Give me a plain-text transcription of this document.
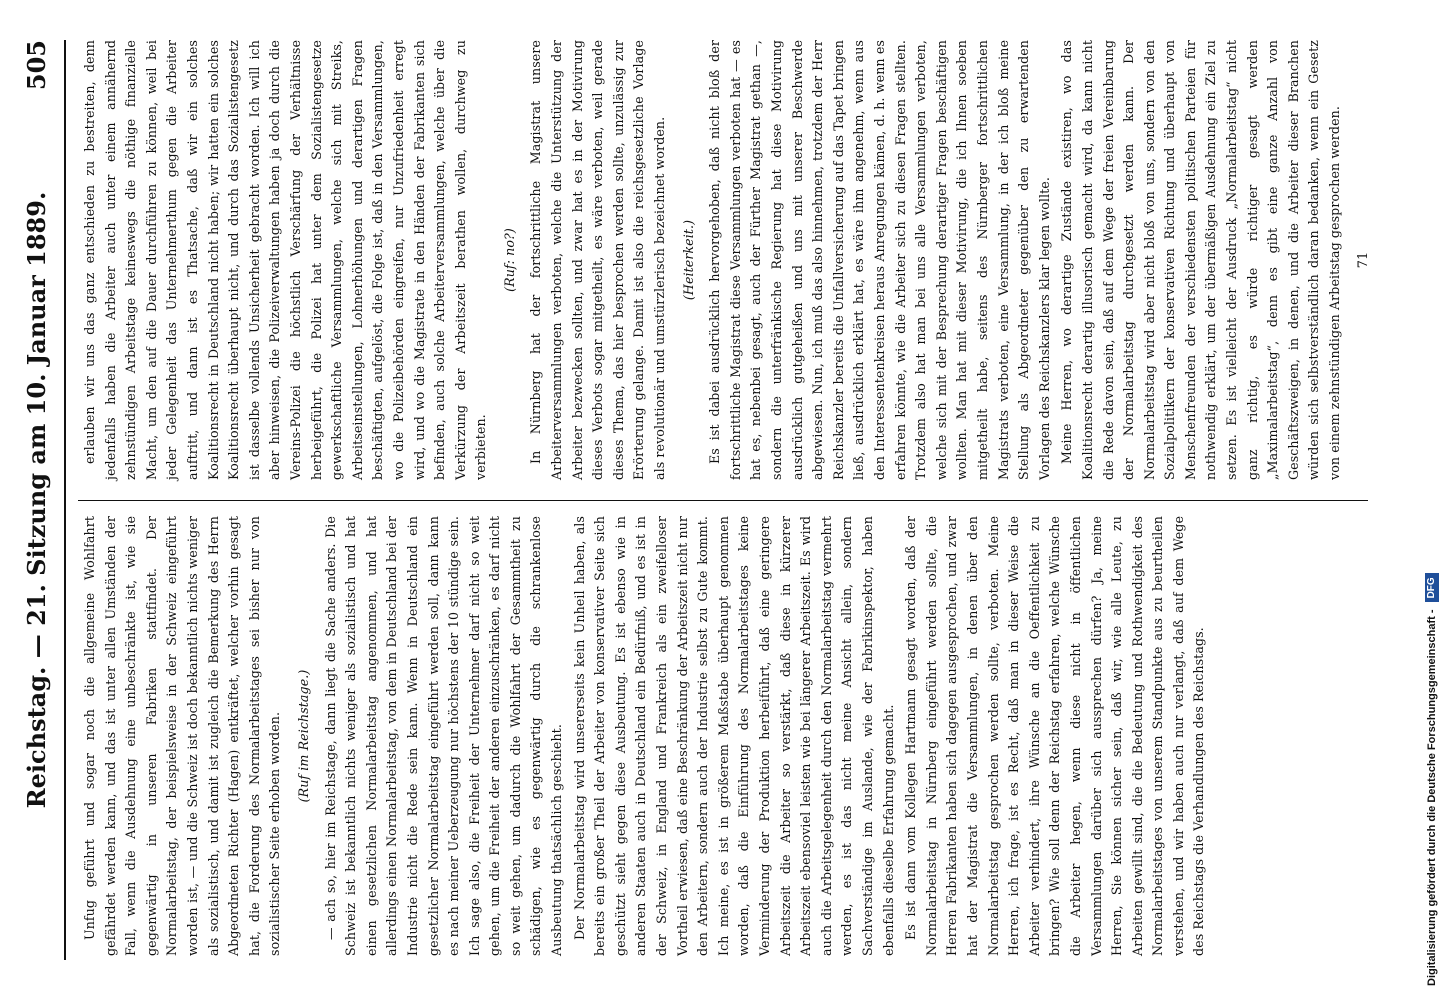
Reichstag. — 21. Sitzung am 10. Januar 1889.
505

Unfug geführt und sogar noch die allgemeine Wohlfahrt gefährdet werden kann, und das ist unter allen Umständen der Fall, wenn die Ausdehnung eine unbeschränkte ist, wie sie gegenwärtig in unseren Fabriken stattfindet. Der Normalarbeitstag, der beispielsweise in der Schweiz eingeführt worden ist, — und die Schweiz ist doch bekanntlich nichts weniger als sozialistisch, und damit ist zugleich die Bemerkung des Herrn Abgeordneten Richter (Hagen) entkräftet, welcher vorhin gesagt hat, die Forderung des Normalarbeitstages sei bisher nur von sozialistischer Seite erhoben worden. (Ruf im Reichstage.) — ach so, hier im Reichstage, dann liegt die Sache anders. Die Schweiz ist bekanntlich nichts weniger als sozialistisch und hat einen gesetzlichen Normalarbeitstag angenommen, und hat allerdings einen Normalarbeitstag, von dem in Deutschland bei der Industrie nicht die Rede sein kann. Wenn in Deutschland ein gesetzlicher Normalarbeitstag eingeführt werden soll, dann kann es nach meiner Ueberzeugung nur höchstens der 10 stündige sein. Ich sage also, die Freiheit der Unternehmer darf nicht so weit gehen, um die Freiheit der anderen einzuschränken, es darf nicht so weit gehen, um dadurch die Wohlfahrt der Gesammtheit zu schädigen, wie es gegenwärtig durch die schrankenlose Ausbeutung thatsächlich geschieht. Der Normalarbeitstag wird unsererseits kein Unheil haben, als bereits ein großer Theil der Arbeiter von konservativer Seite sich geschützt sieht gegen diese Ausbeutung. Es ist ebenso wie in anderen Staaten auch in Deutschland ein Bedürfniß, und es ist in der Schweiz, in England und Frankreich als ein zweifelloser Vortheil erwiesen, daß eine Beschränkung der Arbeitszeit nicht nur den Arbeitern, sondern auch der Industrie selbst zu Gute kommt. Ich meine, es ist in größerem Maßstabe überhaupt genommen worden, daß die Einführung des Normalarbeitstages keine Verminderung der Produktion herbeiführt, daß eine geringere Arbeitszeit die Arbeiter so verstärkt, daß diese in kürzerer Arbeitszeit ebensoviel leisten wie bei längerer Arbeitszeit. Es wird auch die Arbeitsgelegenheit durch den Normalarbeitstag vermehrt werden, es ist das nicht meine Ansicht allein, sondern Sachverständige im Auslande, wie der Fabrikinspektor, haben ebenfalls dieselbe Erfahrung gemacht. Es ist dann vom Kollegen Hartmann gesagt worden, daß der Normalarbeitstag in Nürnberg eingeführt werden sollte, die Herren Fabrikanten haben sich dagegen ausgesprochen, und zwar hat der Magistrat die Versammlungen, in denen über den Normalarbeitstag gesprochen werden sollte, verboten. Meine Herren, ich frage, ist es Recht, daß man in dieser Weise die Arbeiter verhindert, ihre Wünsche an die Oeffentlichkeit zu bringen? Wie soll denn der Reichstag erfahren, welche Wünsche die Arbeiter hegen, wenn diese nicht in öffentlichen Versammlungen darüber sich aussprechen dürfen? Ja, meine Herren, Sie können sicher sein, daß wir, wie alle Leute, zu Arbeiten gewillt sind, die die Bedeutung und Rothwendigkeit des Normalarbeitstages von unserem Standpunkte aus zu beurtheilen verstehen, und wir haben auch nur verlangt, daß auf dem Wege des Reichstags die Verhandlungen des Reichstags.

erlauben wir uns das ganz entschieden zu bestreiten, denn jedenfalls haben die Arbeiter auch unter einem annähernd zehnstündigen Arbeitstage keineswegs die nöthige finanzielle Macht, um den auf die Dauer durchführen zu können, weil bei jeder Gelegenheit das Unternehmerthum gegen die Arbeiter auftritt, und dann ist es Thatsache, daß wir ein solches Koalitionsrecht in Deutschland nicht haben; wir hatten ein solches Koalitionsrecht überhaupt nicht, und durch das Sozialistengesetz ist dasselbe vollends Unsicherheit gebracht worden. Ich will ich aber hinweisen, die Polizeiverwaltungen haben ja doch durch die Vereins-Polizei die höchstlich Verschärfung der Verhältnisse herbeigeführt, die Polizei hat unter dem Sozialistengesetze gewerkschaftliche Versammlungen, welche sich mit Streiks, Arbeitseinstellungen, Lohnerhöhungen und derartigen Fragen beschäftigten, aufgelöst, die Folge ist, daß in den Versammlungen, wo die Polizeibehörden eingreifen, nur Unzufriedenheit erregt wird, und wo die Magistrate in den Händen der Fabrikanten sich befinden, auch solche Arbeiterversammlungen, welche über die Verkürzung der Arbeitszeit berathen wollen, durchweg zu verbieten.

(Ruf: no?) In Nürnberg hat der fortschrittliche Magistrat unsere Arbeiterversammlungen verboten, welche die Unterstützung der Arbeiter bezwecken sollten, und zwar hat es in der Motivirung dieses Verbots sogar mitgetheilt, es wäre verboten, weil gerade dieses Thema, das hier besprochen werden sollte, unzulässig zur Erörterung gelange. Damit ist also die reichsgesetzliche Vorlage als revolutionär und umstürzlerisch bezeichnet worden. (Heiterkeit.) Es ist dabei ausdrücklich hervorgehoben, daß nicht bloß der fortschrittliche Magistrat diese Versammlungen verboten hat — es hat es, nebenbei gesagt, auch der Fürther Magistrat gethan —, sondern die unterfränkische Regierung hat diese Motivirung ausdrücklich gutgeheißen und uns mit unserer Beschwerde abgewiesen. Nun, ich muß das also hinnehmen, trotzdem der Herr Reichskanzler bereits die Unfallversicherung auf das Tapet bringen ließ, ausdrücklich erklärt hat, es wäre ihm angenehm, wenn aus den Interessentenkreisen heraus Anregungen kämen, d. h. wenn es erfahren könnte, wie die Arbeiter sich zu diesen Fragen stellten. Trotzdem also hat man bei uns alle Versammlungen verboten, welche sich mit der Besprechung derartiger Fragen beschäftigen wollten. Man hat mit dieser Motivirung, die ich Ihnen soeben mitgetheilt habe, seitens des Nürnberger fortschrittlichen Magistrats verboten, eine Versammlung, in der ich bloß meine Stellung als Abgeordneter gegenüber den zu erwartenden Vorlagen des Reichskanzlers klar legen wollte. Meine Herren, wo derartige Zustände existiren, wo das Koalitionsrecht derartig illusorisch gemacht wird, da kann nicht die Rede davon sein, daß auf dem Wege der freien Vereinbarung der Normalarbeitstag durchgesetzt werden kann. Der Normalarbeitstag wird aber nicht bloß von uns, sondern von den Sozialpolitikern der konservativen Richtung und überhaupt von Menschenfreunden der verschiedensten politischen Parteien für nothwendig erklärt, um der übermäßigen Ausdehnung ein Ziel zu setzen. Es ist vielleicht der Ausdruck „Normalarbeitstag“ nicht ganz richtig, es würde richtiger gesagt werden „Maximalarbeitstag“, denn es gibt eine ganze Anzahl von Geschäftszweigen, in denen, und die Arbeiter dieser Branchen würden sich selbstverständlich daran bedanken, wenn ein Gesetz von einem zehnstündigen Arbeitstag gesprochen werden. 71
Digitalisierung gefördert durch die Deutsche Forschungsgemeinschaft - DFG
